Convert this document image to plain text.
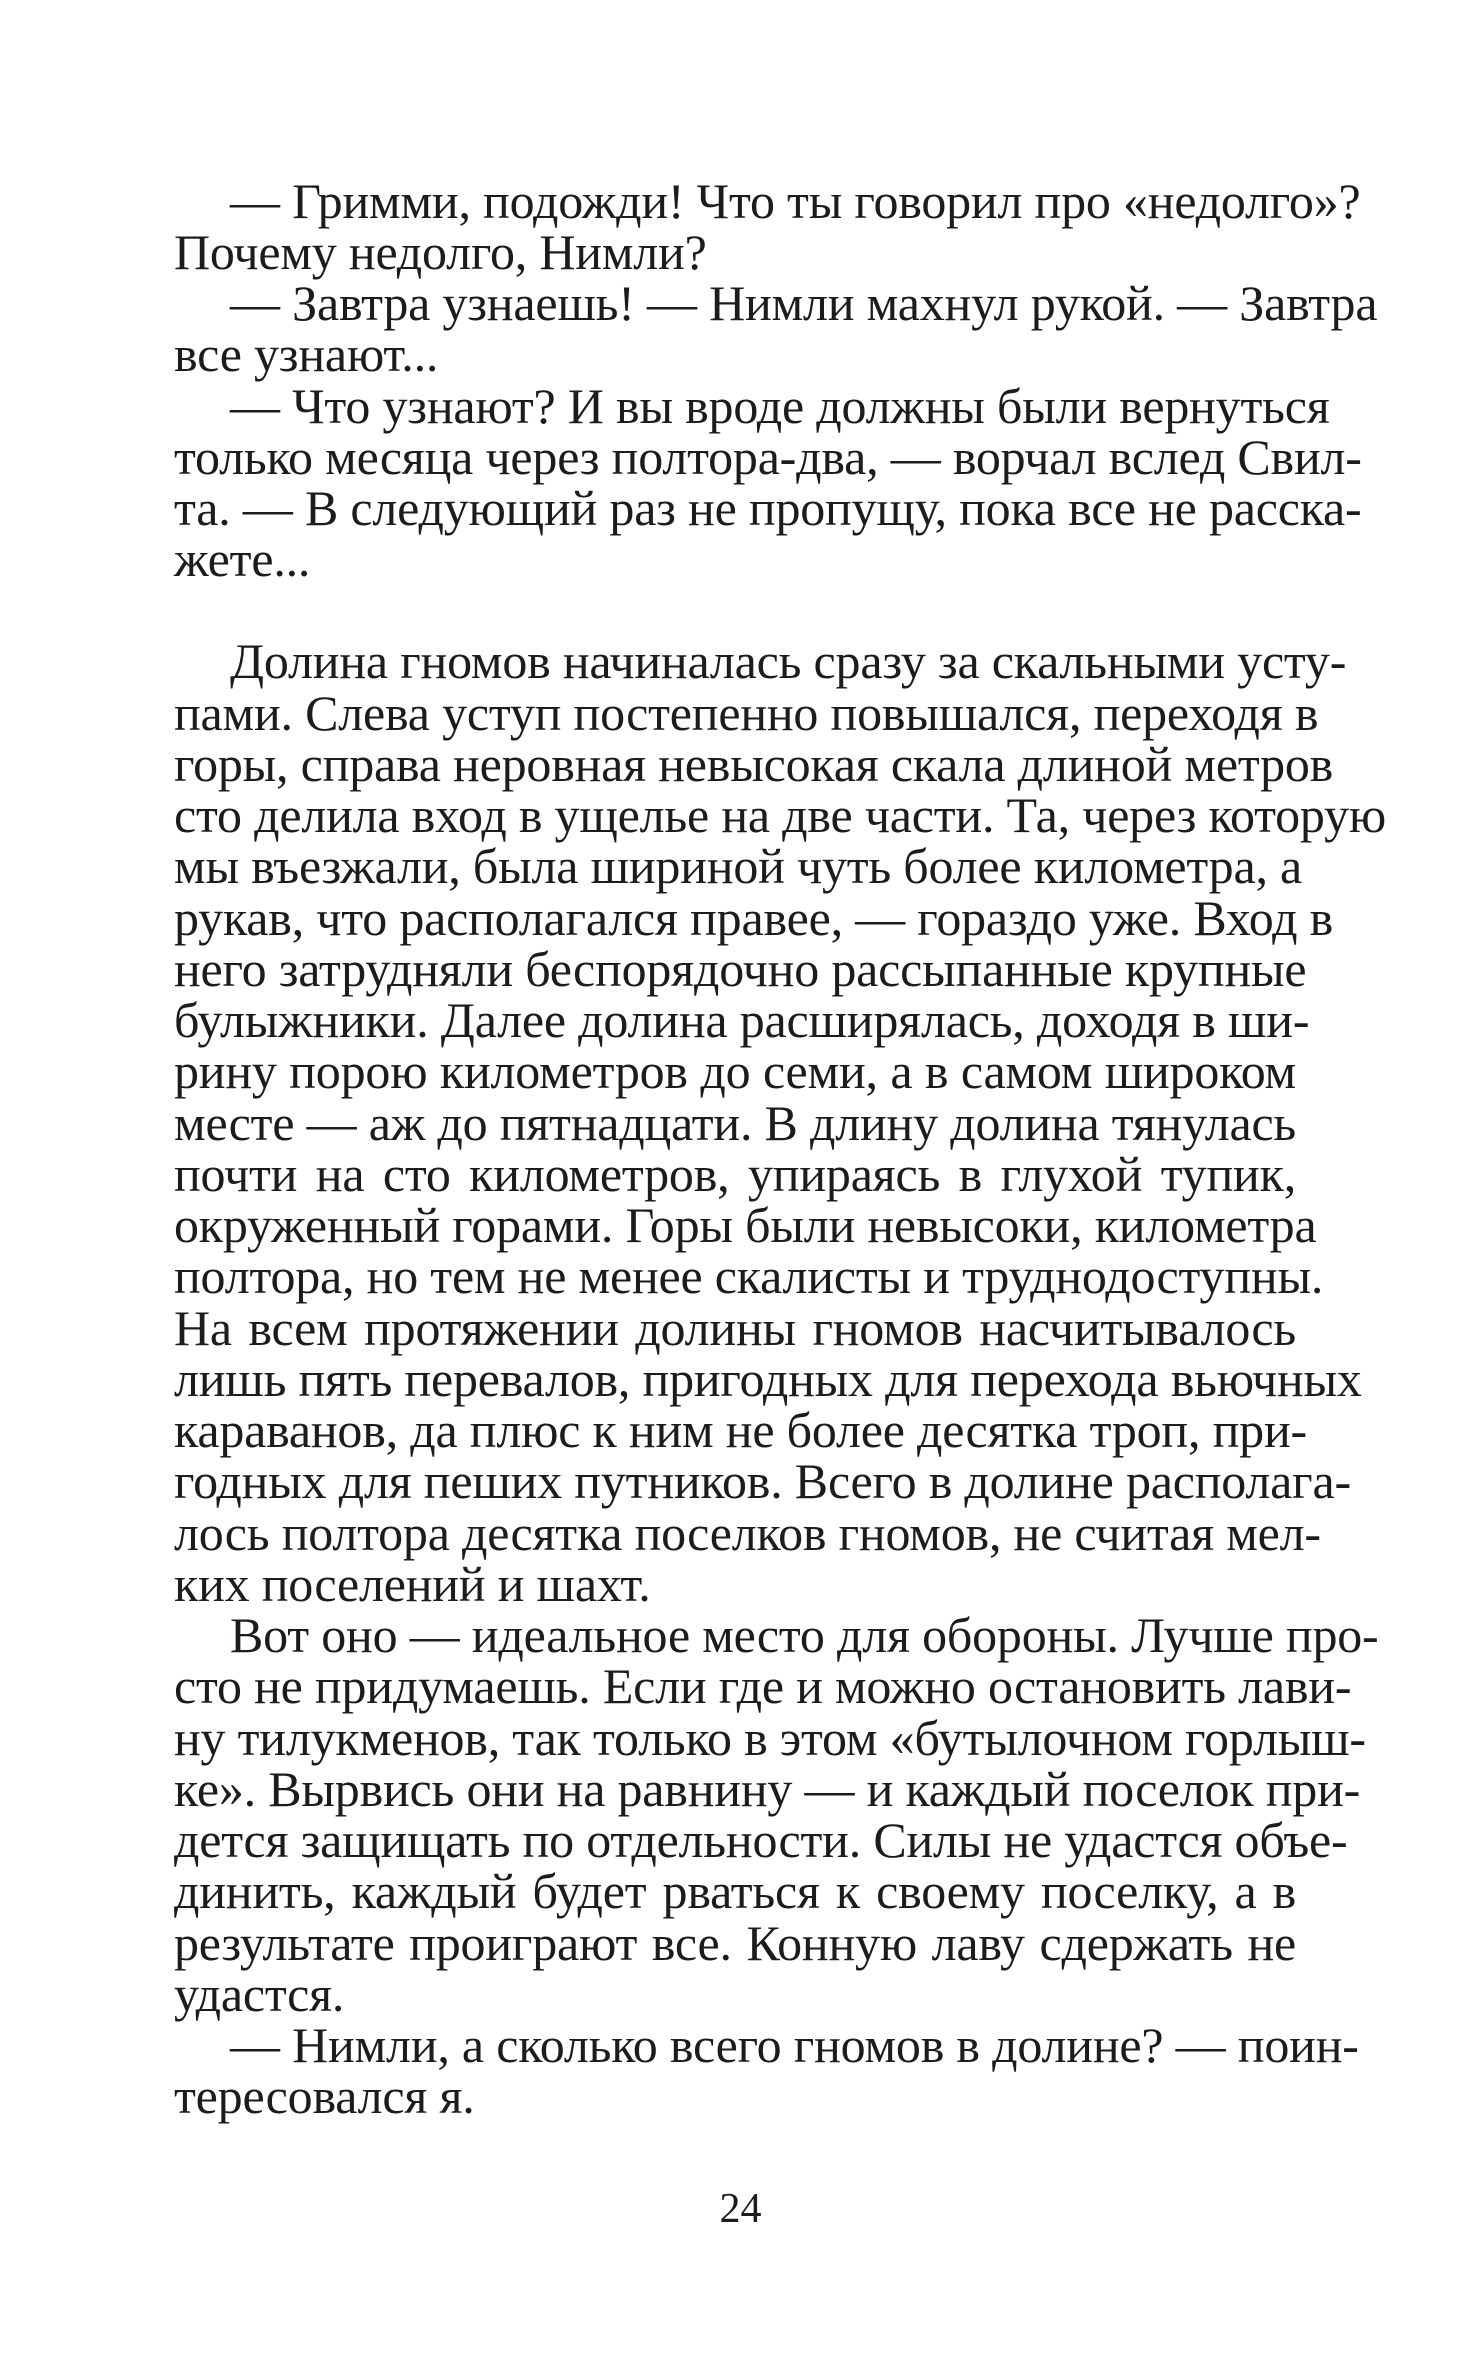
— Гримми, подожди! Что ты говорил про «недолго»?
Почему недолго, Нимли?
— Завтра узнаешь! — Нимли махнул рукой. — Завтра
все узнают...
— Что узнают? И вы вроде должны были вернуться
только месяца через полтора-два, — ворчал вслед Свил-
та. — В следующий раз не пропущу, пока все не расска-
жете...
Долина гномов начиналась сразу за скальными усту-
пами. Слева уступ постепенно повышался, переходя в
горы, справа неровная невысокая скала длиной метров
сто делила вход в ущелье на две части. Та, через которую
мы въезжали, была шириной чуть более километра, а
рукав, что располагался правее, — гораздо уже. Вход в
него затрудняли беспорядочно рассыпанные крупные
булыжники. Далее долина расширялась, доходя в ши-
рину порою километров до семи, а в самом широком
месте — аж до пятнадцати. В длину долина тянулась
почти на сто километров, упираясь в глухой тупик,
окруженный горами. Горы были невысоки, километра
полтора, но тем не менее скалисты и труднодоступны.
На всем протяжении долины гномов насчитывалось
лишь пять перевалов, пригодных для перехода вьючных
караванов, да плюс к ним не более десятка троп, при-
годных для пеших путников. Всего в долине располага-
лось полтора десятка поселков гномов, не считая мел-
ких поселений и шахт.
Вот оно — идеальное место для обороны. Лучше про-
сто не придумаешь. Если где и можно остановить лави-
ну тилукменов, так только в этом «бутылочном горлыш-
ке». Вырвись они на равнину — и каждый поселок при-
дется защищать по отдельности. Силы не удастся объе-
динить, каждый будет рваться к своему поселку, а в
результате проиграют все. Конную лаву сдержать не
удастся.
— Нимли, а сколько всего гномов в долине? — поин-
тересовался я.
24
